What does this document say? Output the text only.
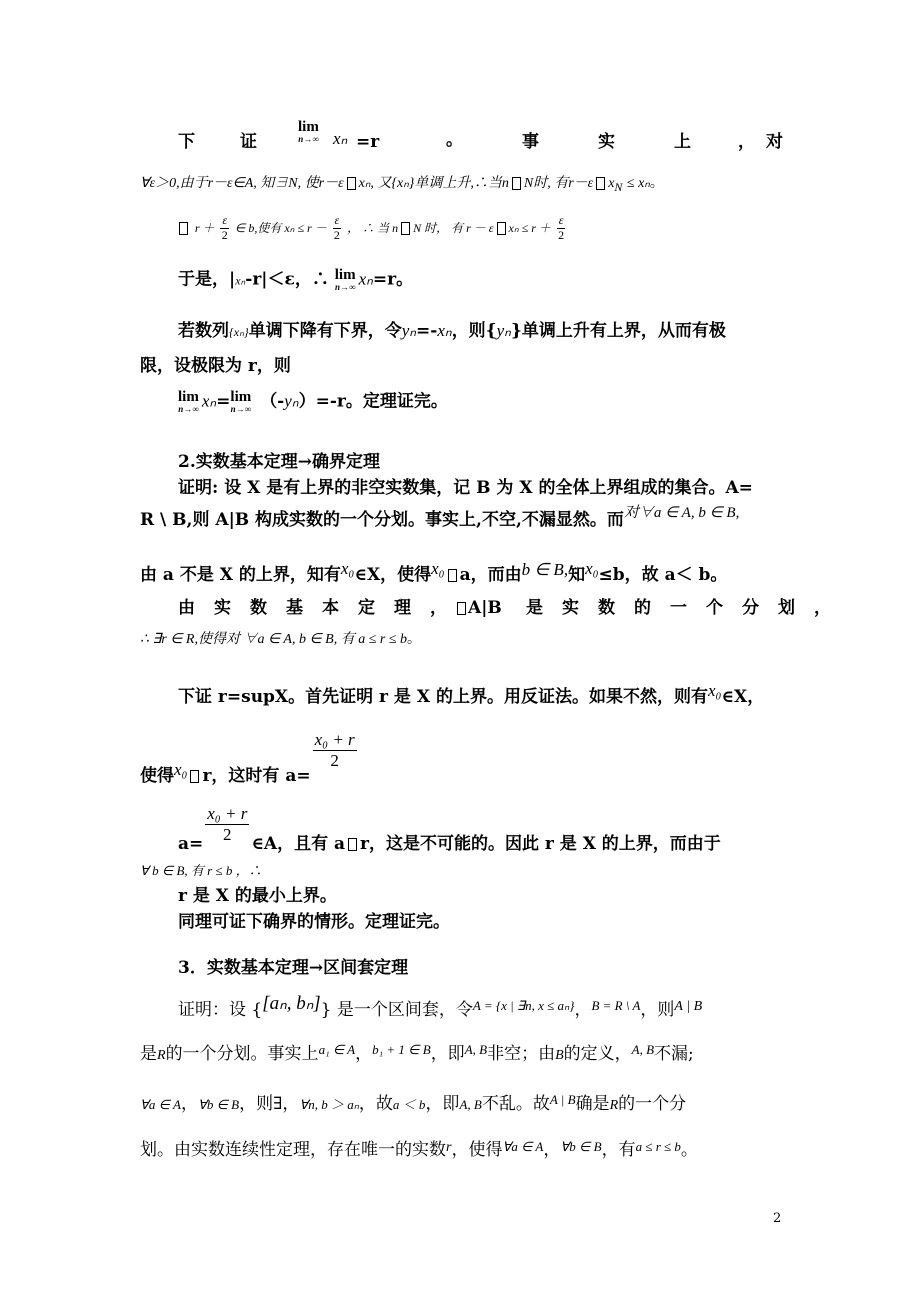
下	证
lim
n→∞ xₙ =r	。	事	实	上	， 对
∀ε＞0,由于r－ε∈A, 知∃N, 使r－ε xₙ, 又{xₙ}单调上升,∴当n N时, 有r－ε $x_N \le x_n$。
$r + \frac{\varepsilon}{2}$ ∈ b,使有 $x_n \le r - \frac{\varepsilon}{2}$ ， ∴ 当 n N 时， 有 r － ε $x_n \le r + \frac{\varepsilon}{2}$
于是，|xₙ-r|＜ε，∴ lim
n→∞ xₙ=r。
若数列{xₙ}单调下降有下界，令yₙ=-xₙ，则{yₙ}单调上升有上界，从而有极
限，设极限为 r，则
lim
n→∞ xₙ= lim
n→∞ （-yₙ）=-r。定理证完。
2.实数基本定理→确界定理
证明: 设 X 是有上界的非空实数集，记 B 为 X 的全体上界组成的集合。A=
R \ B,则 A|B 构成实数的一个分划。事实上,不空,不漏显然。而对∀a ∈ A, b ∈ B,
由 a 不是 X 的上界，知有x₀∈X，使得x₀ a，而由b ∈ B,知x₀≤b，故 a＜ b。
由 实 数 基 本 定 理 ， A|B 是 实 数 的 一 个 分 划 ，
∴ ∃r ∈ R,使得对 ∀a ∈ A, b ∈ B, 有 a ≤ r ≤ b。
下证 r=supX。首先证明 r 是 X 的上界。用反证法。如果不然，则有x₀∈X，
使得x₀ r，这时有 a=
$\frac{\text{x₀ + r}}{2}$
$a= \frac{\text{x₀ + r}}{2}$ ∈A，且有 a r，这是不可能的。因此 r 是 X 的上界，而由于
∀ b ∈ B, 有 r ≤ b ，∴
r 是 X 的最小上界。
同理可证下确界的情形。定理证完。
3．实数基本定理→区间套定理
证明：设 {[aₙ, bₙ]} 是一个区间套，令$^{A = \{x | \exists n, x \le a_n\}}$，$^{B = R \backslash A}$，则$^{A | B}$
是R的一个分划。事实上$^{a_1 \in A}$，$^{b_1 + 1 \in B}$，即$^{A, B}$非空；由B的定义，$^{A, B}$不漏;
∀a ∈ A，∀b ∈ B，则∃，∀n, b ＞ aₙ，故a ＜ b，即A, B不乱。故$^{A | B}$确是R的一个分
划。由实数连续性定理，存在唯一的实数$^r$，使得$^{\forall a \in A}$，$^{\forall b \in B}$，有$^{a \le r \le b}$。
2
